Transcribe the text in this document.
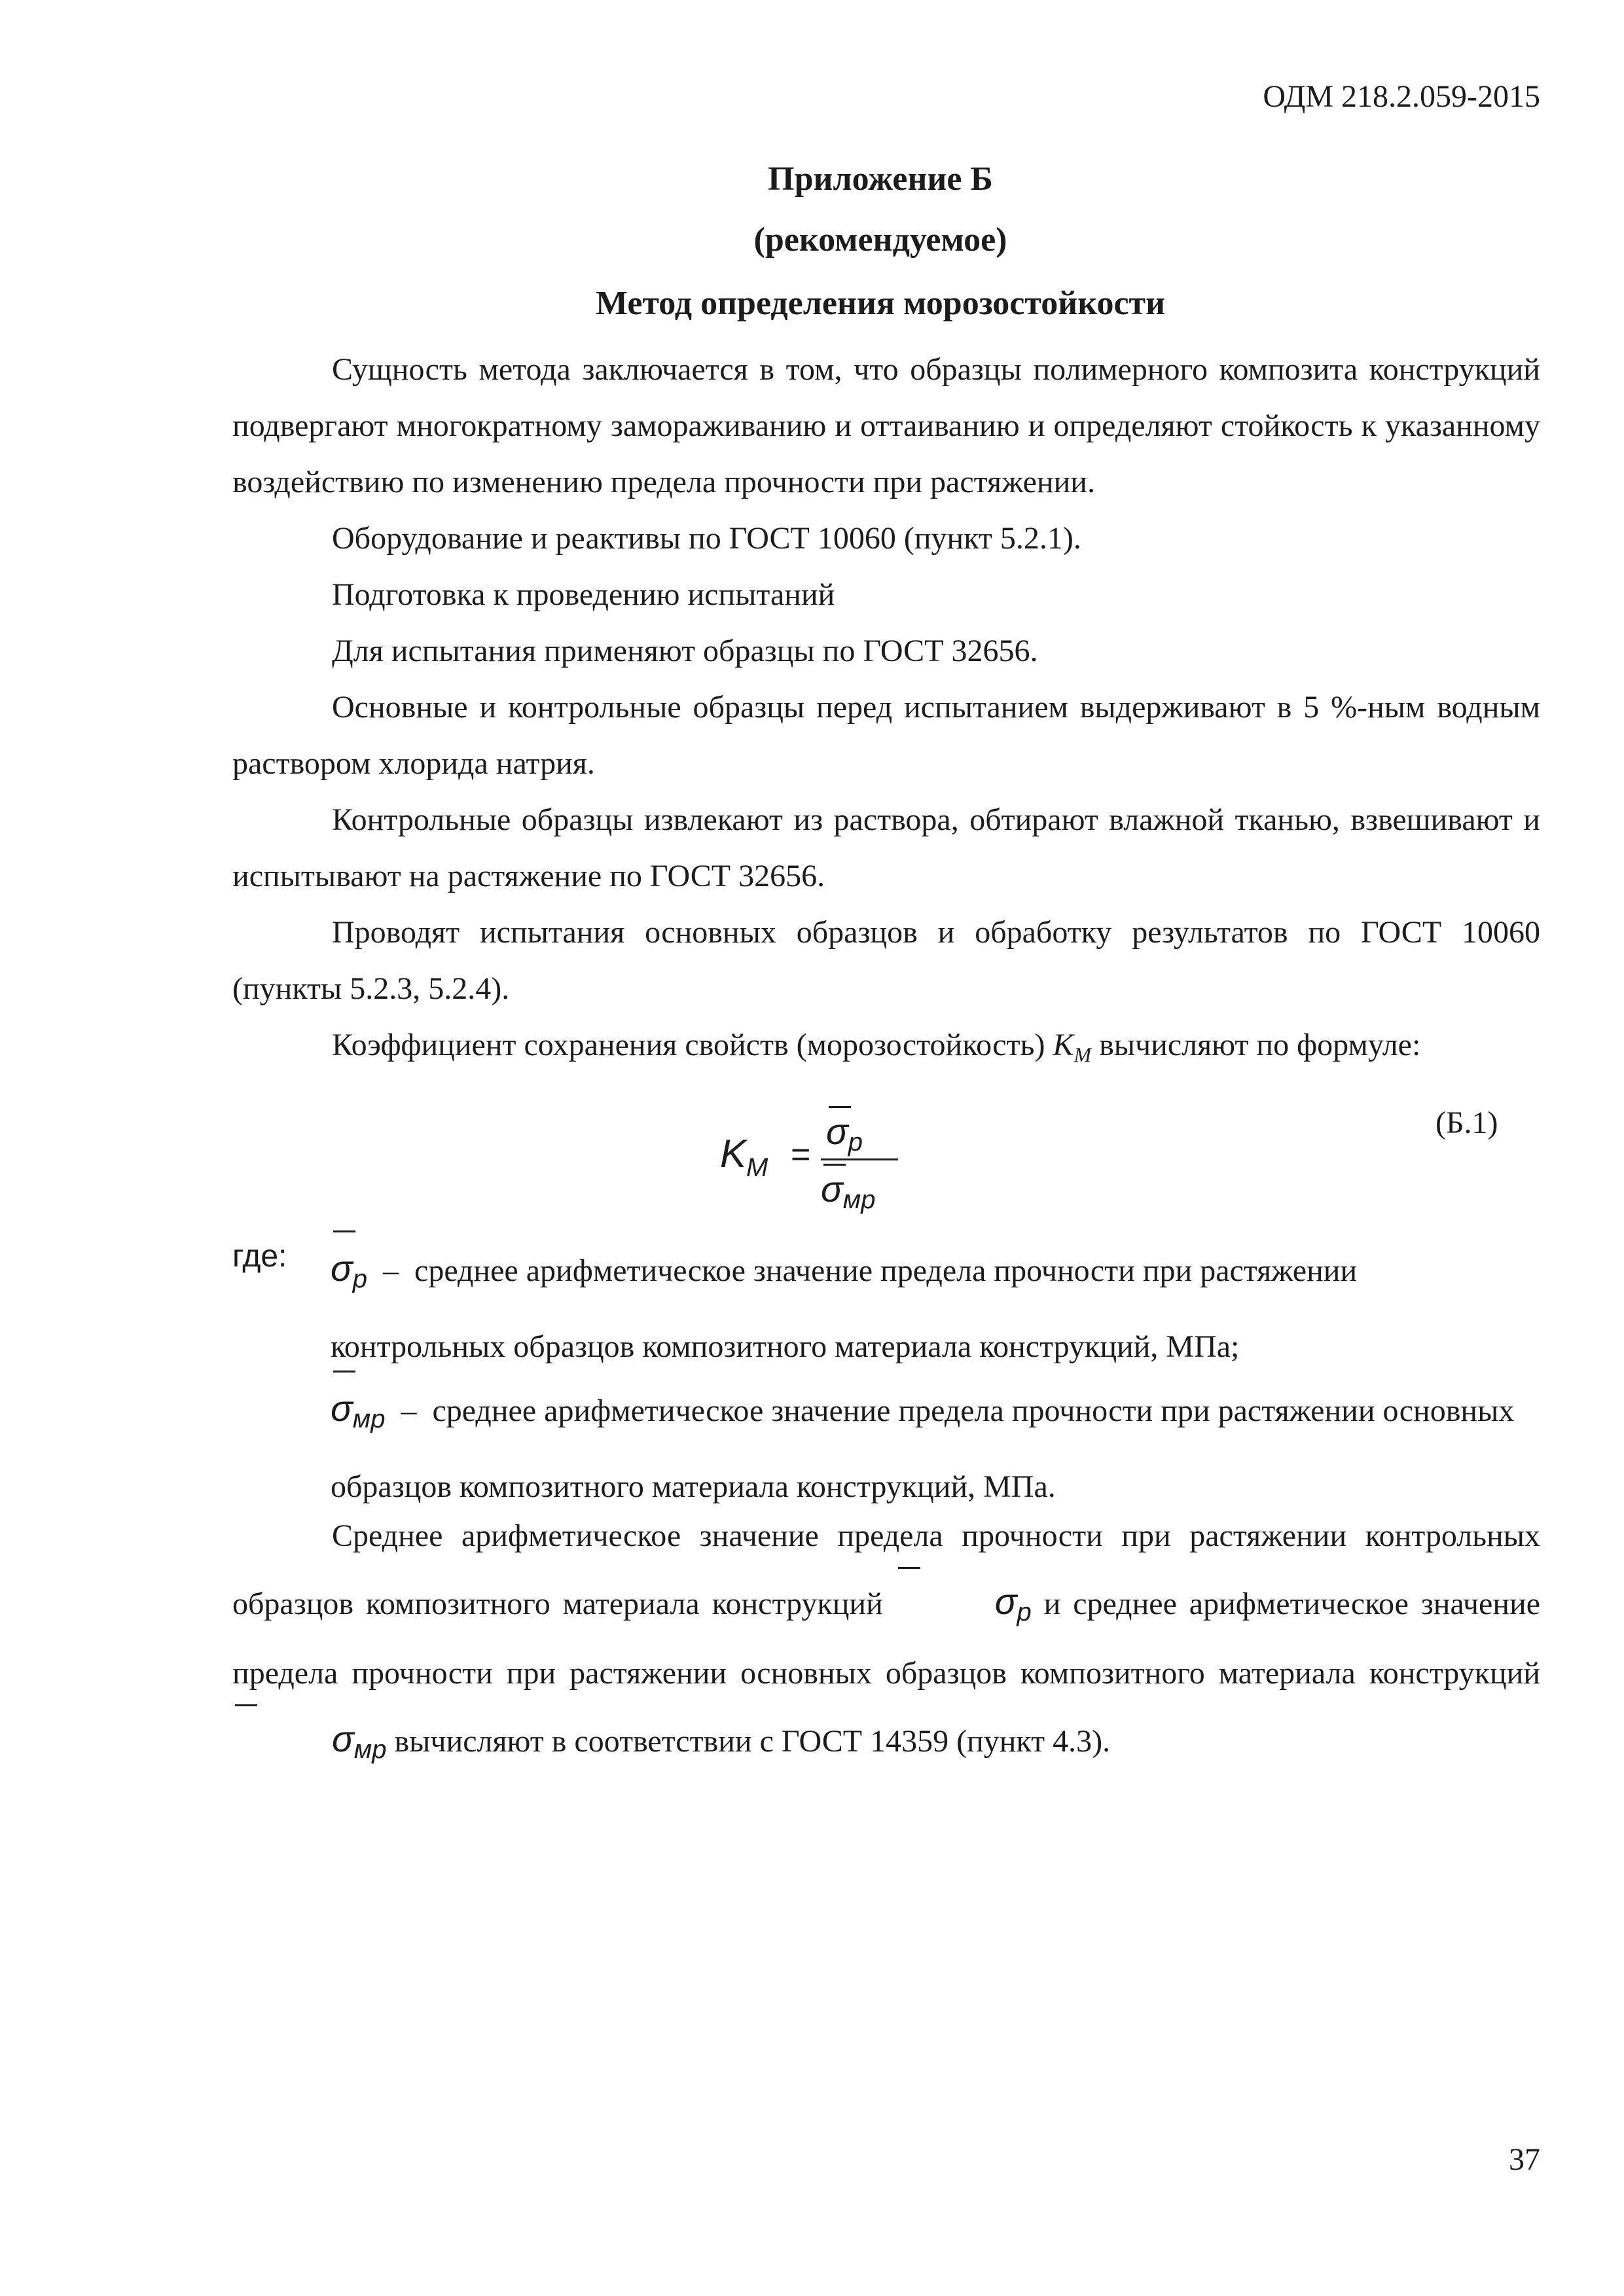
ОДМ 218.2.059-2015
Приложение Б
(рекомендуемое)
Метод определения морозостойкости

Сущность метода заключается в том, что образцы полимерного композита конструкций подвергают многократному замораживанию и оттаиванию и определяют стойкость к указанному воздействию по изменению предела прочности при растяжении.

Оборудование и реактивы по ГОСТ 10060 (пункт 5.2.1).

Подготовка к проведению испытаний

Для испытания применяют образцы по ГОСТ 32656.

Основные и контрольные образцы перед испытанием выдерживают в 5 %-ным водным раствором хлорида натрия.

Контрольные образцы извлекают из раствора, обтирают влажной тканью, взвешивают и испытывают на растяжение по ГОСТ 32656.

Проводят испытания основных образцов и обработку результатов по ГОСТ 10060 (пункты 5.2.3, 5.2.4).

Коэффициент сохранения свойств (морозостойкость) $K_M$ вычисляют по формуле:

$K_M$ =
σp
σмp
(Б.1)
где: $\sigma_p$ – среднее арифметическое значение предела прочности при растяжении контрольных образцов композитного материала конструкций, МПа;
$\sigma_{мp}$ – среднее арифметическое значение предела прочности при растяжении основных образцов композитного материала конструкций, МПа.

Среднее арифметическое значение предела прочности при растяжении контрольных образцов композитного материала конструкций	$\sigma_p$ и среднее арифметическое значение предела прочности при растяжении основных образцов композитного материала конструкций
$\sigma_{мp}$ вычисляют в соответствии с ГОСТ 14359 (пункт 4.3).

37
